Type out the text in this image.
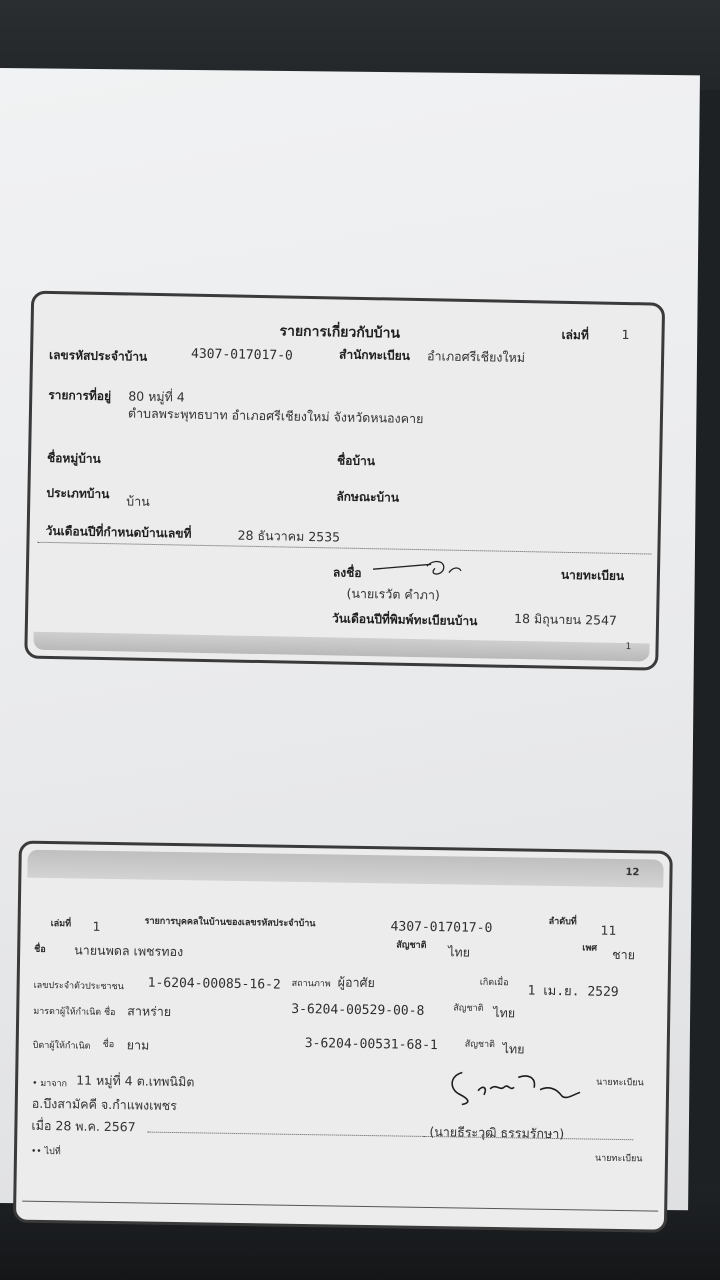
รายการเกี่ยวกับบ้าน	เล่มที่	1
เลขรหัสประจำบ้าน	4307-017017-0	สำนักทะเบียน อำเภอศรีเชียงใหม่
รายการที่อยู่ 80 หมู่ที่ 4
ตำบลพระพุทธบาท อำเภอศรีเชียงใหม่ จังหวัดหนองคาย
ชื่อหมู่บ้าน	ชื่อบ้าน
ประเภทบ้าน บ้าน	ลักษณะบ้าน
วันเดือนปีที่กำหนดบ้านเลขที่	28 ธันวาคม 2535
ลงชื่อ	นายทะเบียน
(นายเรวัต คำภา)
วันเดือนปีที่พิมพ์ทะเบียนบ้าน	18 มิถุนายน 2547
1
12
เล่มที่ 1	รายการบุคคลในบ้านของเลขรหัสประจำบ้าน	4307-017017-0	ลำดับที่
11
ชื่อ นายนพดล เพชรทอง	สัญชาติ ไทย	เพศ ชาย
เลขประจำตัวประชาชน 1-6204-00085-16-2 สถานภาพ ผู้อาศัย	เกิดเมื่อ
1 เม.ย. 2529
มารดาผู้ให้กำเนิด ชื่อ สาหร่าย	3-6204-00529-00-8	สัญชาติ ไทย
บิดาผู้ให้กำเนิด ชื่อ ยาม	3-6204-00531-68-1	สัญชาติ ไทย
• มาจาก 11 หมู่ที่ 4 ต.เทพนิมิต
อ.บึงสามัคคี จ.กำแพงเพชร
นายทะเบียน
เมื่อ 28 พ.ค. 2567	(นายธีระวุฒิ ธรรมรักษา)
•• ไปที่
นายทะเบียน
